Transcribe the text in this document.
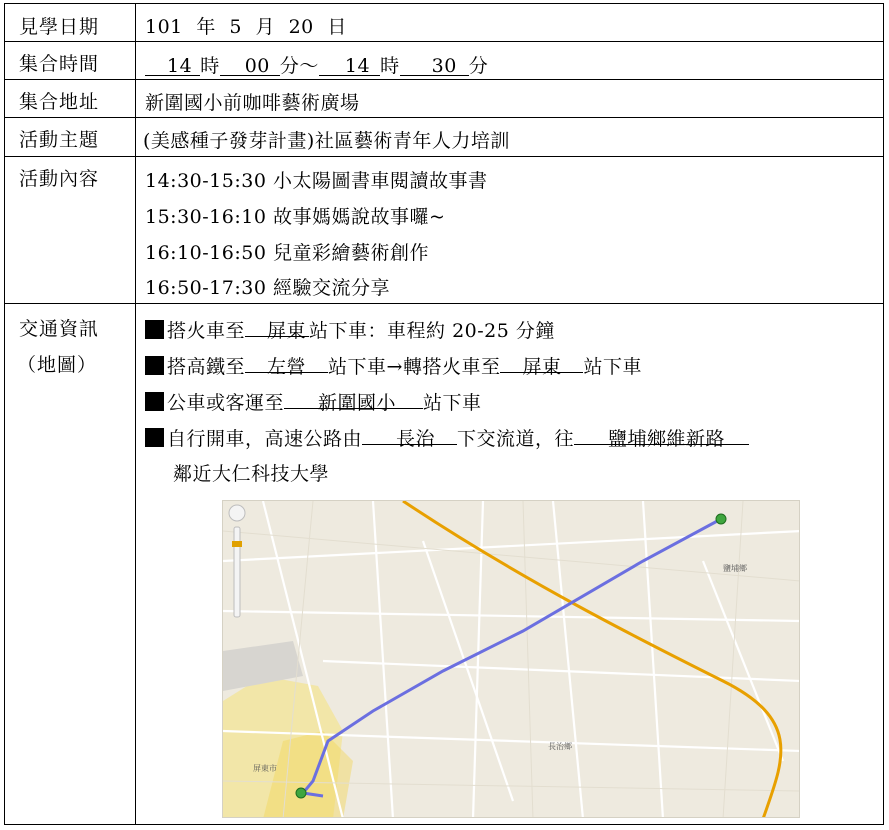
見學日期 101 年 5 月 20 日
集合時間	14 時 00 分～ 14 時 30 分
集合地址 新圍國小前咖啡藝術廣場
活動主題 (美感種子發芽計畫)社區藝術青年人力培訓
活動內容 14:30-15:30 小太陽圖書車閱讀故事書
15:30-16:10 故事媽媽說故事囉~
16:10-16:50 兒童彩繪藝術創作
16:50-17:30 經驗交流分享
交通資訊
（地圖）
搭火車至 屏東 站下車：車程約 20-25 分鐘
搭高鐵至 左營 站下車→轉搭火車至 屏東 站下車
公車或客運至 新圍國小 站下車
自行開車，高速公路由 長治 下交流道，往 鹽埔鄉維新路
鄰近大仁科技大學
長治鄉
屏東市
鹽埔鄉
